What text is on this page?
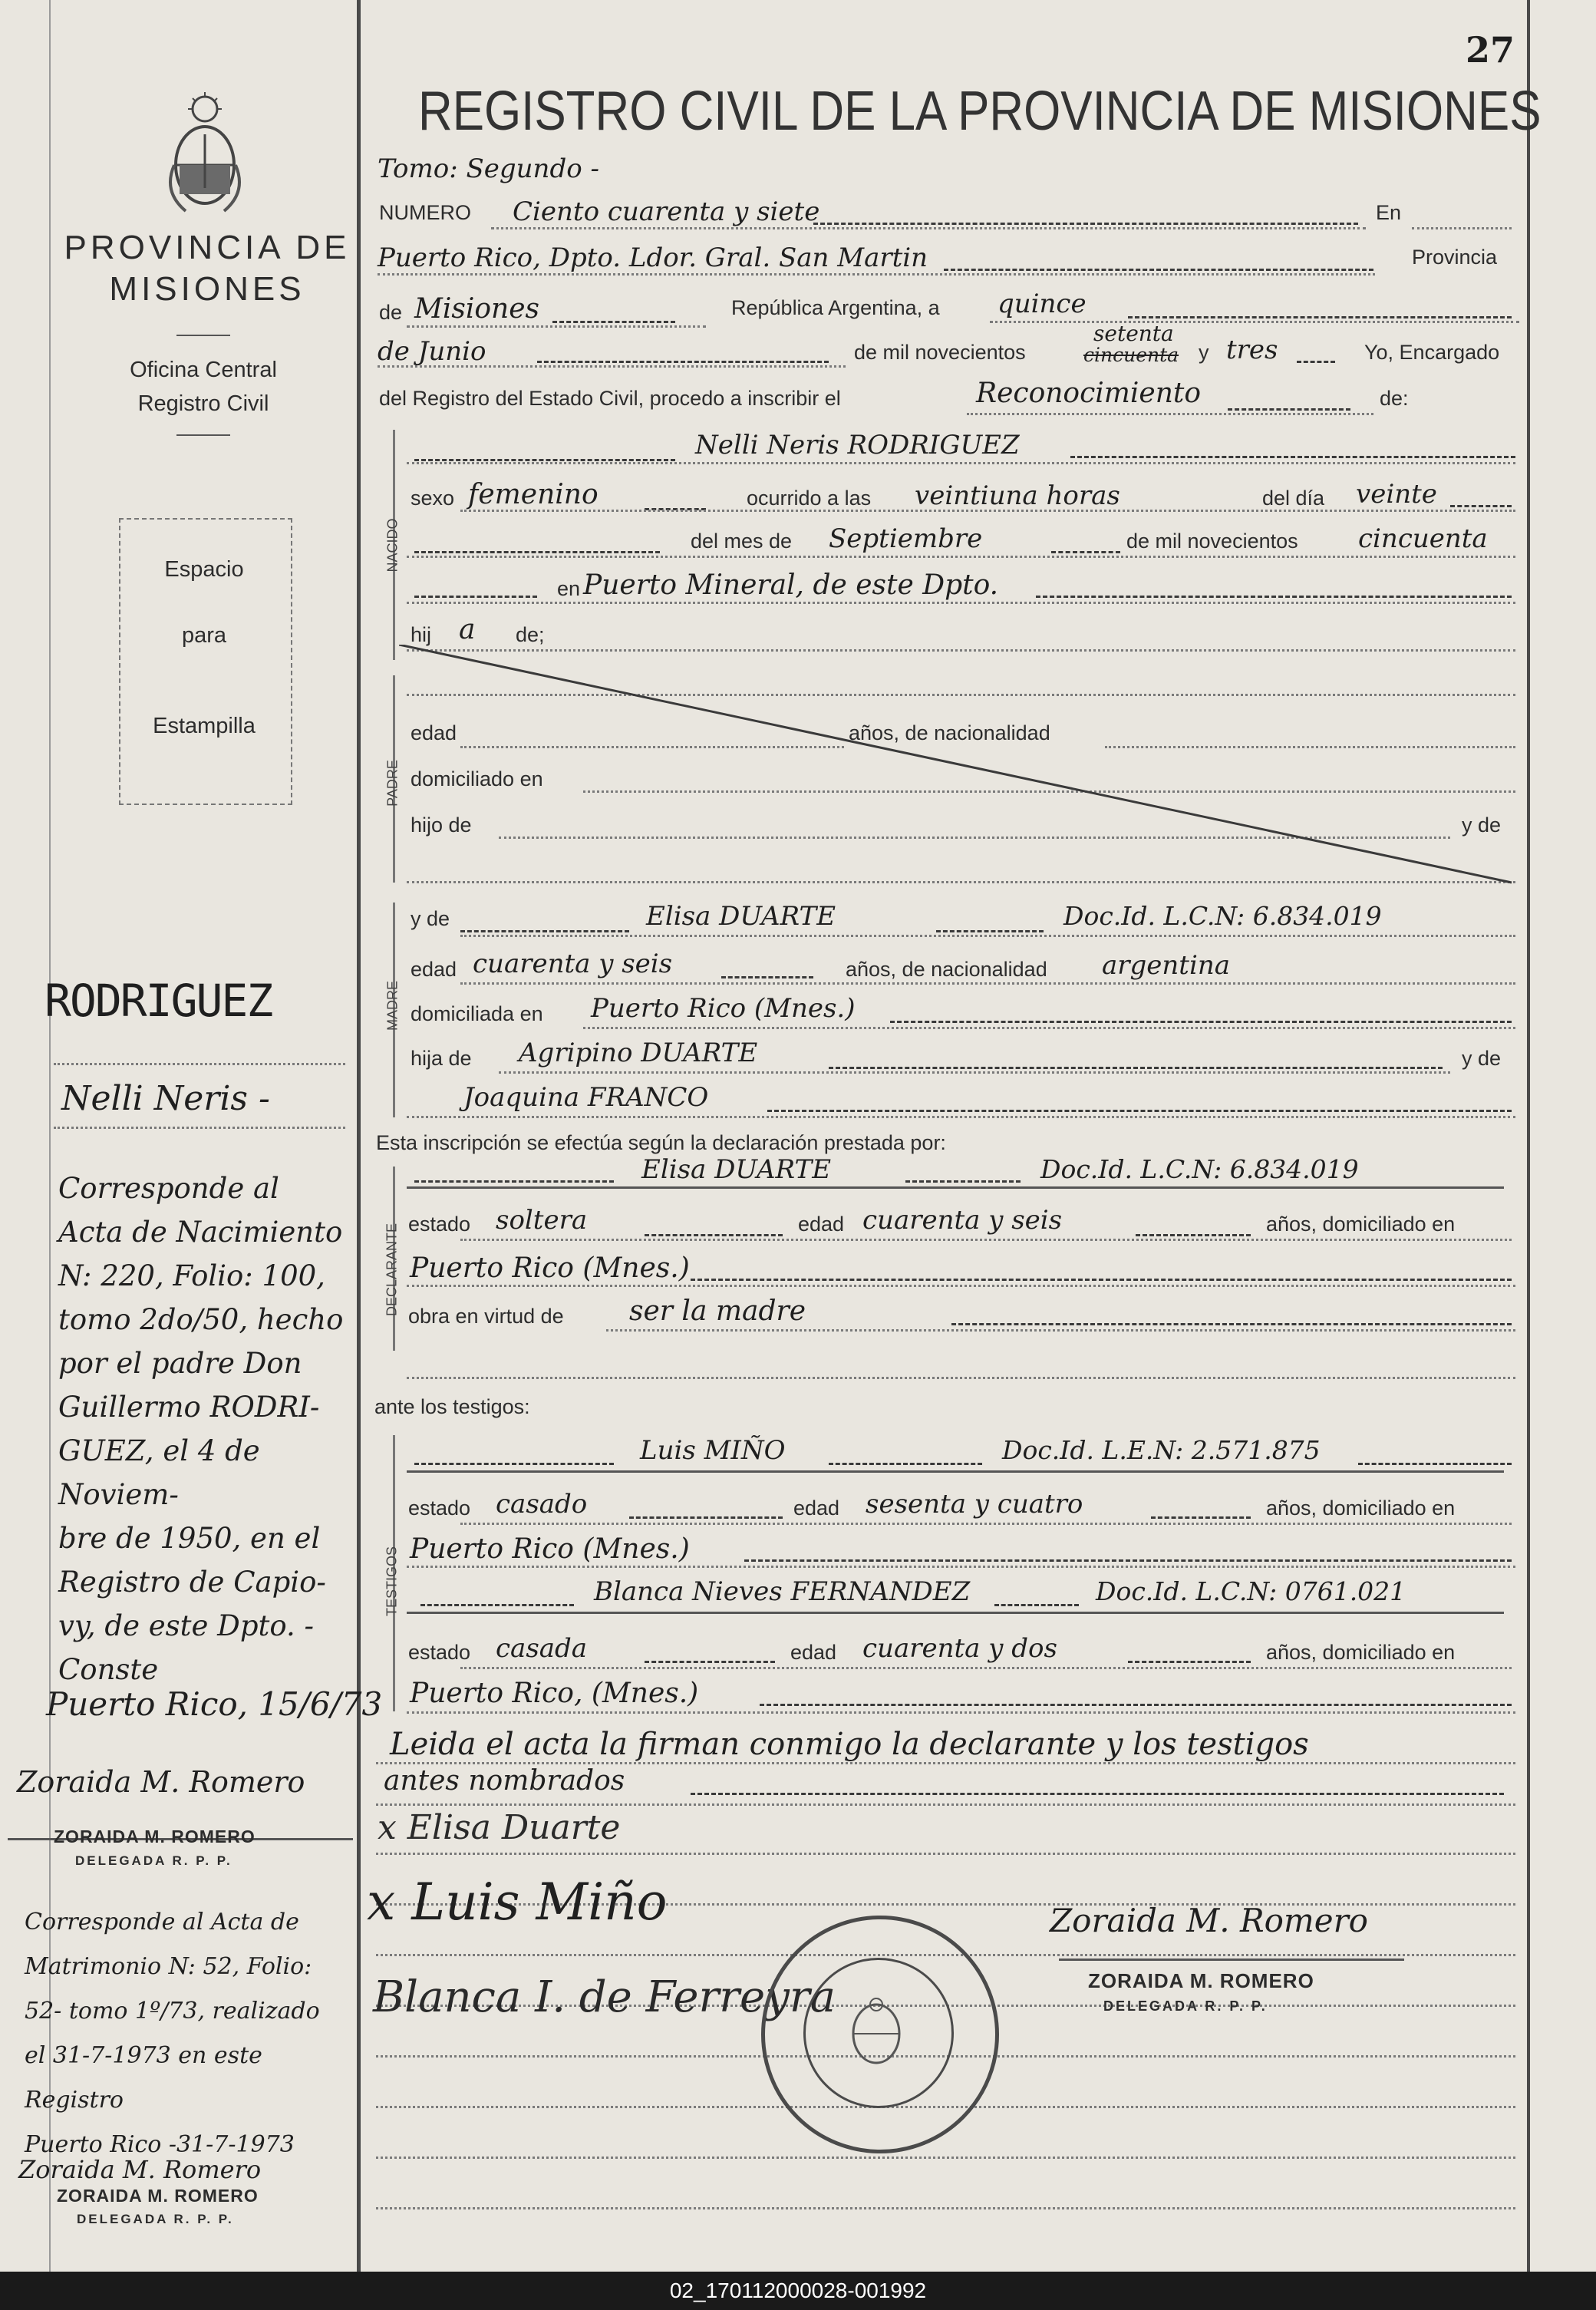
PROVINCIA DE MISIONES
Oficina Central
Registro Civil
Espacio
para
Estampilla
RODRIGUEZ
Nelli Neris -
Corresponde al
Acta de Nacimiento
N: 220, Folio: 100,
tomo 2do/50, hecho
por el padre Don
Guillermo RODRI-
GUEZ, el 4 de Noviem-
bre de 1950, en el
Registro de Capio-
vy, de este Dpto. -
Conste
Puerto Rico, 15/6/73
Zoraida M. Romero
ZORAIDA M. ROMERO
DELEGADA R. P. P.
Corresponde al Acta de
Matrimonio N: 52, Folio:
52- tomo 1º/73, realizado
el 31-7-1973 en este
Registro
Puerto Rico -31-7-1973
Zoraida M. Romero
ZORAIDA M. ROMERO
DELEGADA R. P. P.
27
REGISTRO CIVIL DE LA PROVINCIA DE MISIONES
Tomo: Segundo -
NUMERO Ciento cuarenta y siete	En
Puerto Rico, Dpto. Ldor. Gral. San Martin	Provincia
de Misiones	República Argentina, a quince
de Junio	de mil novecientos	cincuenta
setenta
y tres	Yo, Encargado
del Registro del Estado Civil, procedo a inscribir el	Reconocimiento	de:
NACIDO
Nelli Neris RODRIGUEZ
sexo femenino	ocurrido a las veintiuna horas	del día veinte
del mes de Septiembre	de mil novecientos cincuenta
en Puerto Mineral, de este Dpto.
hij a de;
PADRE
edad	años, de nacionalidad
domiciliado en
hijo de	y de
MADRE
y de	Elisa DUARTE	Doc.Id. L.C.N: 6.834.019
edad cuarenta y seis	años, de nacionalidad argentina
domiciliada en Puerto Rico (Mnes.)
hija de Agripino DUARTE	y de
Joaquina FRANCO
Esta inscripción se efectúa según la declaración prestada por:
DECLARANTE
Elisa DUARTE	Doc.Id. L.C.N: 6.834.019
estado soltera	edad cuarenta y seis	años, domiciliado en
Puerto Rico (Mnes.)
obra en virtud de ser la madre
ante los testigos:
TESTIGOS
Luis MIÑO	Doc.Id. L.E.N: 2.571.875
estado casado	edad sesenta y cuatro	años, domiciliado en
Puerto Rico (Mnes.)
Blanca Nieves FERNANDEZ	Doc.Id. L.C.N: 0761.021
estado casada	edad cuarenta y dos	años, domiciliado en
Puerto Rico, (Mnes.)
Leida el acta la firman conmigo la declarante y los testigos
antes nombrados
x Elisa Duarte
x Luis Miño
Blanca I. de Ferreyra
Zoraida M. Romero
ZORAIDA M. ROMERO
DELEGADA R. P. P.
02_170112000028-001992
